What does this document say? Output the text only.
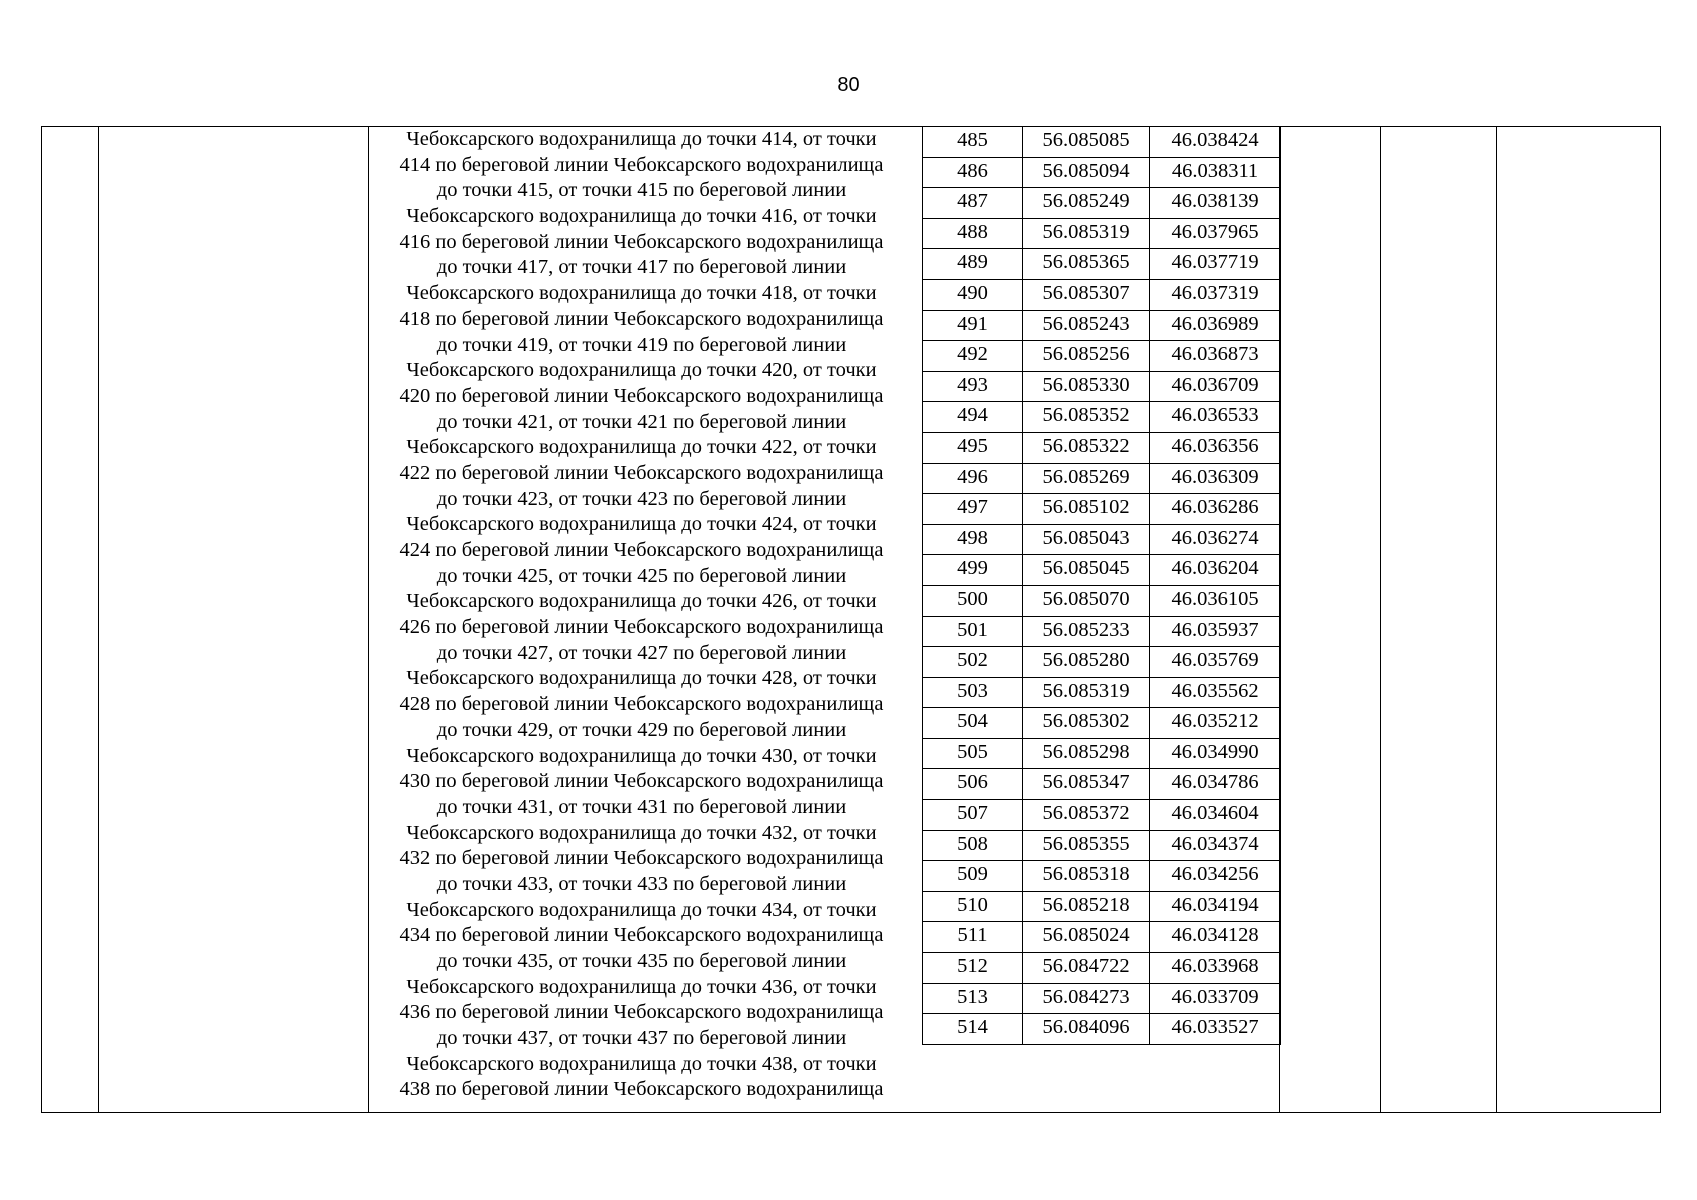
80
Чебоксарского водохранилища до точки 414, от точки
414 по береговой линии Чебоксарского водохранилища
до точки 415, от точки 415 по береговой линии
Чебоксарского водохранилища до точки 416, от точки
416 по береговой линии Чебоксарского водохранилища
до точки 417, от точки 417 по береговой линии
Чебоксарского водохранилища до точки 418, от точки
418 по береговой линии Чебоксарского водохранилища
до точки 419, от точки 419 по береговой линии
Чебоксарского водохранилища до точки 420, от точки
420 по береговой линии Чебоксарского водохранилища
до точки 421, от точки 421 по береговой линии
Чебоксарского водохранилища до точки 422, от точки
422 по береговой линии Чебоксарского водохранилища
до точки 423, от точки 423 по береговой линии
Чебоксарского водохранилища до точки 424, от точки
424 по береговой линии Чебоксарского водохранилища
до точки 425, от точки 425 по береговой линии
Чебоксарского водохранилища до точки 426, от точки
426 по береговой линии Чебоксарского водохранилища
до точки 427, от точки 427 по береговой линии
Чебоксарского водохранилища до точки 428, от точки
428 по береговой линии Чебоксарского водохранилища
до точки 429, от точки 429 по береговой линии
Чебоксарского водохранилища до точки 430, от точки
430 по береговой линии Чебоксарского водохранилища
до точки 431, от точки 431 по береговой линии
Чебоксарского водохранилища до точки 432, от точки
432 по береговой линии Чебоксарского водохранилища
до точки 433, от точки 433 по береговой линии
Чебоксарского водохранилища до точки 434, от точки
434 по береговой линии Чебоксарского водохранилища
до точки 435, от точки 435 по береговой линии
Чебоксарского водохранилища до точки 436, от точки
436 по береговой линии Чебоксарского водохранилища
до точки 437, от точки 437 по береговой линии
Чебоксарского водохранилища до точки 438, от точки
438 по береговой линии Чебоксарского водохранилища
485	56.085085	46.038424
486	56.085094	46.038311
487	56.085249	46.038139
488	56.085319	46.037965
489	56.085365	46.037719
490	56.085307	46.037319
491	56.085243	46.036989
492	56.085256	46.036873
493	56.085330	46.036709
494	56.085352	46.036533
495	56.085322	46.036356
496	56.085269	46.036309
497	56.085102	46.036286
498	56.085043	46.036274
499	56.085045	46.036204
500	56.085070	46.036105
501	56.085233	46.035937
502	56.085280	46.035769
503	56.085319	46.035562
504	56.085302	46.035212
505	56.085298	46.034990
506	56.085347	46.034786
507	56.085372	46.034604
508	56.085355	46.034374
509	56.085318	46.034256
510	56.085218	46.034194
511	56.085024	46.034128
512	56.084722	46.033968
513	56.084273	46.033709
514	56.084096	46.033527
